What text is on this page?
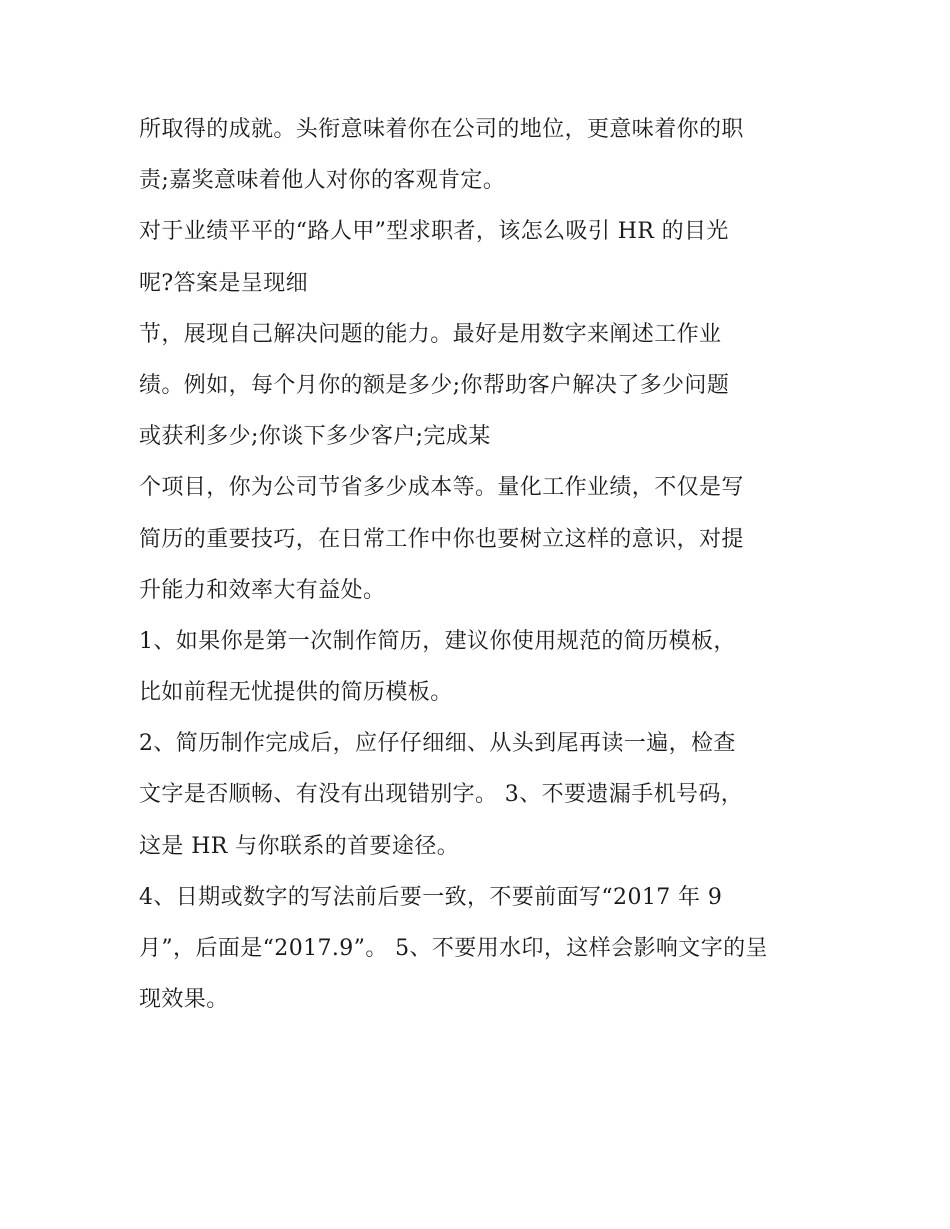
所取得的成就。头衔意味着你在公司的地位，更意味着你的职
责;嘉奖意味着他人对你的客观肯定。
对于业绩平平的“路人甲”型求职者，该怎么吸引 HR 的目光
呢?答案是呈现细
节，展现自己解决问题的能力。最好是用数字来阐述工作业
绩。例如，每个月你的额是多少;你帮助客户解决了多少问题
或获利多少;你谈下多少客户;完成某
个项目，你为公司节省多少成本等。量化工作业绩，不仅是写
简历的重要技巧，在日常工作中你也要树立这样的意识，对提
升能力和效率大有益处。
1、如果你是第一次制作简历，建议你使用规范的简历模板，
比如前程无忧提供的简历模板。
2、简历制作完成后，应仔仔细细、从头到尾再读一遍，检查
文字是否顺畅、有没有出现错别字。 3、不要遗漏手机号码，
这是 HR 与你联系的首要途径。
4、日期或数字的写法前后要一致，不要前面写“2017 年 9
月”，后面是“2017.9”。 5、不要用水印，这样会影响文字的呈
现效果。
